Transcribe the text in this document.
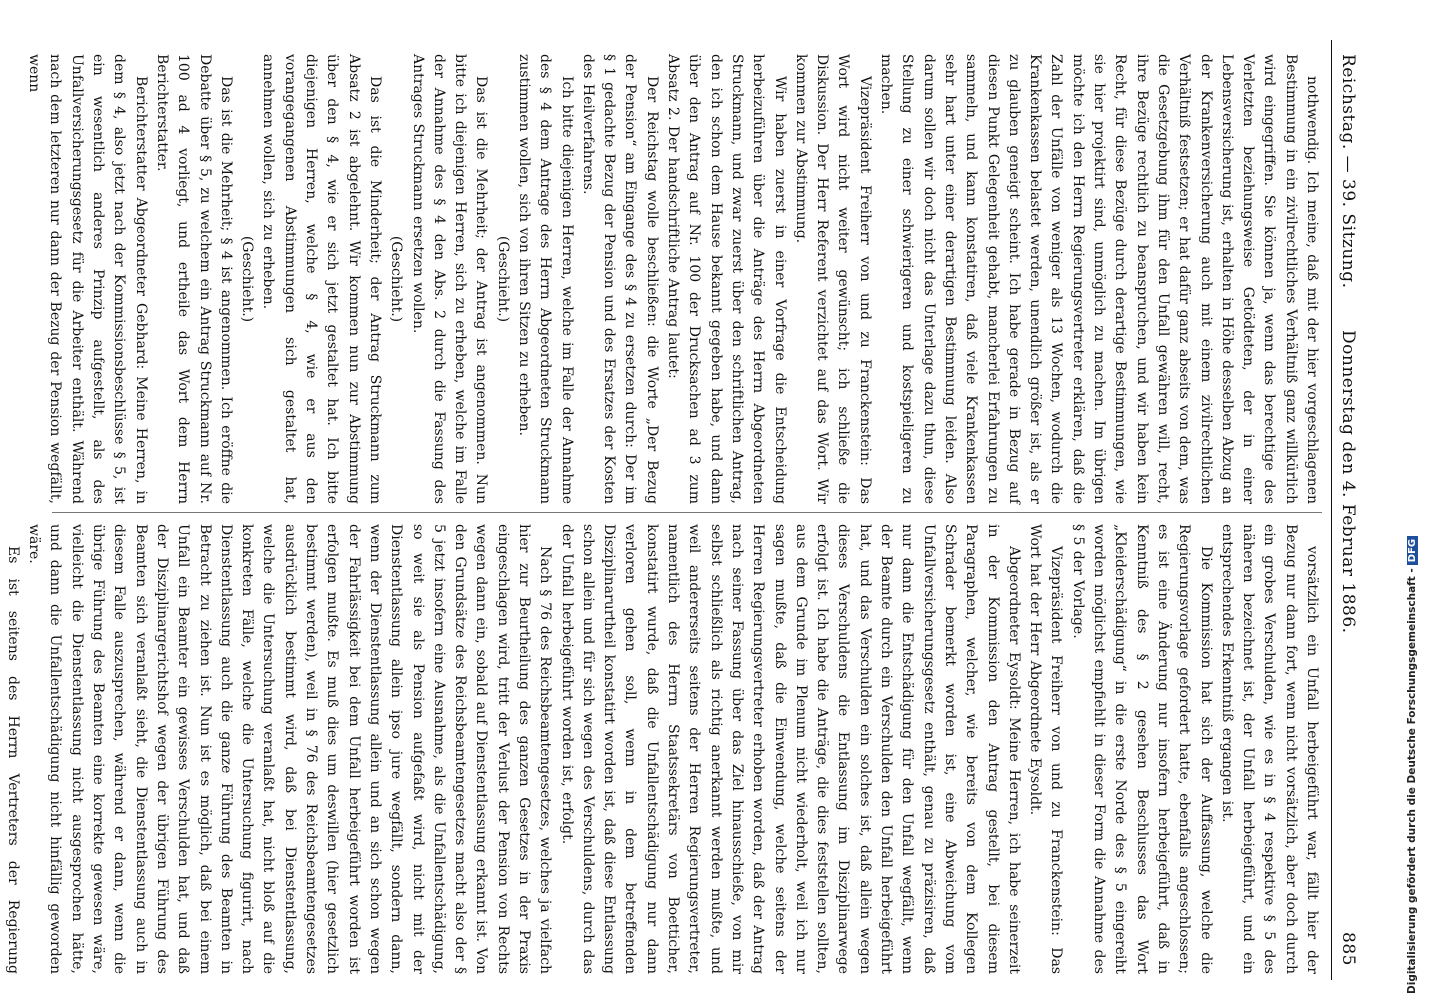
Reichstag. — 39. Sitzung.
Donnerstag den 4. Februar 1886.
885

nothwendig. Ich meine, daß mit der hier vorgeschlagenen Bestimmung in ein zivilrechtliches Verhältniß ganz willkürlich wird eingegriffen. Sie können ja, wenn das berechtige des Verletzten beziehungsweise Getödteten, der in einer Lebensversicherung ist, erhalten in Höhe desselben Abzug an der Krankenversicherung auch mit einem zivilrechtlichen Verhältniß festsetzen; er hat dafür ganz abseits von dem, was die Gesetzgebung ihm für den Unfall gewähren will, recht, ihre Bezüge rechtlich zu beanspruchen, und wir haben kein Recht, für diese Bezüge durch derartige Bestimmungen, wie sie hier projektirt sind, unmöglich zu machen. Im übrigen möchte ich den Herrn Regierungsvertreter erklären, daß die Zahl der Unfälle von weniger als 13 Wochen, wodurch die Krankenkassen belastet werden, unendlich größer ist, als er zu glauben geneigt scheint. Ich habe gerade in Bezug auf diesen Punkt Gelegenheit gehabt, mancherlei Erfahrungen zu sammeln, und kann konstatiren, daß viele Krankenkassen sehr hart unter einer derartigen Bestimmung leiden. Also darum sollen wir doch nicht das Unterlage dazu thun, diese Stellung zu einer schwierigeren und kostspieligeren zu machen.

Vizepräsident Freiherr von und zu Franckenstein: Das Wort wird nicht weiter gewünscht; ich schließe die Diskussion. Der Herr Referent verzichtet auf das Wort. Wir kommen zur Abstimmung.

Wir haben zuerst in einer Vorfrage die Entscheidung herbeizuführen über die Anträge des Herrn Abgeordneten Struckmann, und zwar zuerst über den schriftlichen Antrag, den ich schon dem Hause bekannt gegeben habe, und dann über den Antrag auf Nr. 100 der Drucksachen ad 3 zum Absatz 2. Der handschriftliche Antrag lautet:

Der Reichstag wolle beschließen: die Worte „Der Bezug der Pension“ am Eingange des § 4 zu ersetzen durch: Der im § 1 gedachte Bezug der Pension und des Ersatzes der Kosten des Heilverfahrens.

Ich bitte diejenigen Herren, welche im Falle der Annahme des § 4 dem Antrage des Herrn Abgeordneten Struckmann zustimmen wollen, sich von ihren Sitzen zu erheben.

(Geschieht.)

Das ist die Mehrheit; der Antrag ist angenommen. Nun bitte ich diejenigen Herren, sich zu erheben, welche im Falle der Annahme des § 4 den Abs. 2 durch die Fassung des Antrages Struckmann ersetzen wollen.

(Geschieht.)

Das ist die Minderheit; der Antrag Struckmann zum Absatz 2 ist abgelehnt. Wir kommen nun zur Abstimmung über den § 4, wie er sich jetzt gestaltet hat. Ich bitte diejenigen Herren, welche § 4, wie er aus den vorangegangenen Abstimmungen sich gestaltet hat, annehmen wollen, sich zu erheben.

(Geschieht.)

Das ist die Mehrheit; § 4 ist angenommen. Ich eröffne die Debatte über § 5, zu welchem ein Antrag Struckmann auf Nr. 100 ad 4 vorliegt, und ertheile das Wort dem Herrn Berichterstatter.

Berichterstatter Abgeordneter Gebhard: Meine Herren, in dem § 4, also jetzt nach der Kommissionsbeschlüsse § 5, ist ein wesentlich anderes Prinzip aufgestellt, als des Unfallversicherungsgesetz für die Arbeiter enthält. Während nach dem letzteren nur dann der Bezug der Pension wegfällt, wenn

vorsätzlich ein Unfall herbeigeführt war, fällt hier der Bezug nur dann fort, wenn nicht vorsätzlich, aber doch durch ein grobes Verschulden, wie es in § 4 respektive § 5 des näheren bezeichnet ist, der Unfall herbeigeführt, und ein entsprechendes Erkenntniß ergangen ist.

Die Kommission hat sich der Auffassung, welche die Regierungsvorlage gefordert hatte, ebenfalls angeschlossen; es ist eine Änderung nur insofern herbeigeführt, daß in Kenntniß des § 2 gesehen Beschlusses das Wort „Kleiderschädigung“ in die erste Norde des § 5 eingereiht worden möglichst empfiehlt in dieser Form die Annahme des § 5 der Vorlage.

Vizepräsident Freiherr von und zu Franckenstein: Das Wort hat der Herr Abgeordnete Eysoldt.

Abgeordneter Eysoldt: Meine Herren, ich habe seinerzeit in der Kommission den Antrag gestellt, bei diesem Paragraphen, welcher, wie bereits von dem Kollegen Schrader bemerkt worden ist, eine Abweichung vom Unfallversicherungsgesetz enthält, genau zu präzisiren, daß nur dann die Entschädigung für den Unfall wegfällt, wenn der Beamte durch ein Verschulden den Unfall herbeigeführt hat, und das Verschulden ein solches ist, daß allein wegen dieses Verschuldens die Entlassung im Disziplinarwege erfolgt ist. Ich habe die Anträge, die dies feststellen sollten, aus dem Grunde im Plenum nicht wiederholt, weil ich nur sagen mußte, daß die Einwendung, welche seitens der Herren Regierungsvertreter erhoben worden, daß der Antrag nach seiner Fassung über das Ziel hinausschieße, von mir selbst schließlich als richtig anerkannt werden mußte, und weil andererseits seitens der Herren Regierungsvertreter, namentlich des Herrn Staatssekretärs von Boetticher, konstatirt wurde, daß die Unfallentschädigung nur dann verloren gehen soll, wenn in dem betreffenden Disziplinarurtheil konstatirt worden ist, daß diese Entlassung schon allein und für sich wegen des Verschuldens, durch das der Unfall herbeigeführt worden ist, erfolgt.

Nach § 76 des Reichsbeamtengesetzes, welches ja vielfach hier zur Beurtheilung des ganzen Gesetzes in der Praxis eingeschlagen wird, tritt der Verlust der Pension von Rechts wegen dann ein, sobald auf Dienstentlassung erkannt ist. Von den Grundsätze des Reichsbeamtengesetzes macht also der § 5 jetzt insofern eine Ausnahme, als die Unfallentschädigung, so weit sie als Pension aufgefaßt wird, nicht mit der Dienstentlassung allein ipso jure wegfällt, sondern dann, wenn der Dienstentlassung allein und an sich schon wegen der Fahrlässigkeit bei dem Unfall herbeigeführt worden ist erfolgen mußte. Es muß dies um deswillen (hier gesetzlich bestimmt werden), weil in § 76 des Reichsbeamtengesetzes ausdrücklich bestimmt wird, daß bei Dienstentlassung, welche die Untersuchung veranlaßt hat, nicht bloß auf die konkreten Fälle, welche die Untersuchung figurirt, nach Dienstentlassung auch die ganze Führung des Beamten in Betracht zu ziehen ist. Nun ist es möglich, daß bei einem Unfall ein Beamter ein gewisses Verschulden hat, und daß der Disziplinargerichtshof wegen der übrigen Führung des Beamten sich veranlaßt sieht, die Dienstentlassung auch in diesem Falle auszusprechen, während er dann, wenn die übrige Führung des Beamten eine korrekte gewesen wäre, vielleicht die Dienstentlassung nicht ausgesprochen hätte, und dann die Unfallentschädigung nicht hinfällig geworden wäre.

Es ist seitens des Herrn Vertreters der Regierung	Digitalisierung gefördert durch die Deutsche Forschungsgemeinschaft -DFG
